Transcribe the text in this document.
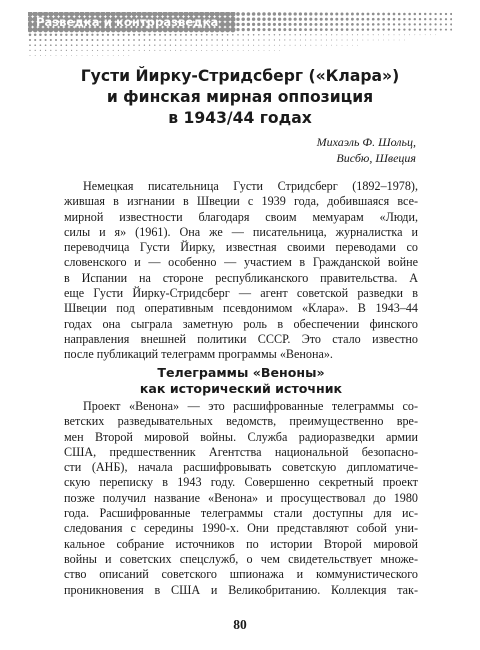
Разведка и контрразведка
Густи Йирку-Стридсберг («Клара»)
и финская мирная оппозиция
в 1943/44 годах
Михаэль Ф. Шольц,
Висбю, Швеция

Немецкая писательница Густи Стридсберг (1892–1978),
жившая в изгнании в Швеции с 1939 года, добившаяся все-
мирной известности благодаря своим мемуарам «Люди,
силы и я» (1961). Она же — писательница, журналистка и
переводчица Густи Йирку, известная своими переводами со
словенского и — особенно — участием в Гражданской войне
в Испании на стороне республиканского правительства. А
еще Густи Йирку-Стридсберг — агент советской разведки в
Швеции под оперативным псевдонимом «Клара». В 1943–44
годах она сыграла заметную роль в обеспечении финского
направления внешней политики СССР. Это стало известно
после публикаций телеграмм программы «Венона».

Телеграммы «Веноны»
как исторический источник

Проект «Венона» — это расшифрованные телеграммы со-
ветских разведывательных ведомств, преимущественно вре-
мен Второй мировой войны. Служба радиоразведки армии
США, предшественник Агентства национальной безопасно-
сти (АНБ), начала расшифровывать советскую дипломатиче-
скую переписку в 1943 году. Совершенно секретный проект
позже получил название «Венона» и просуществовал до 1980
года. Расшифрованные телеграммы стали доступны для ис-
следования с середины 1990-х. Они представляют собой уни-
кальное собрание источников по истории Второй мировой
войны и советских спецслужб, о чем свидетельствует множе-
ство описаний советского шпионажа и коммунистического
проникновения в США и Великобританию. Коллекция так-

80
